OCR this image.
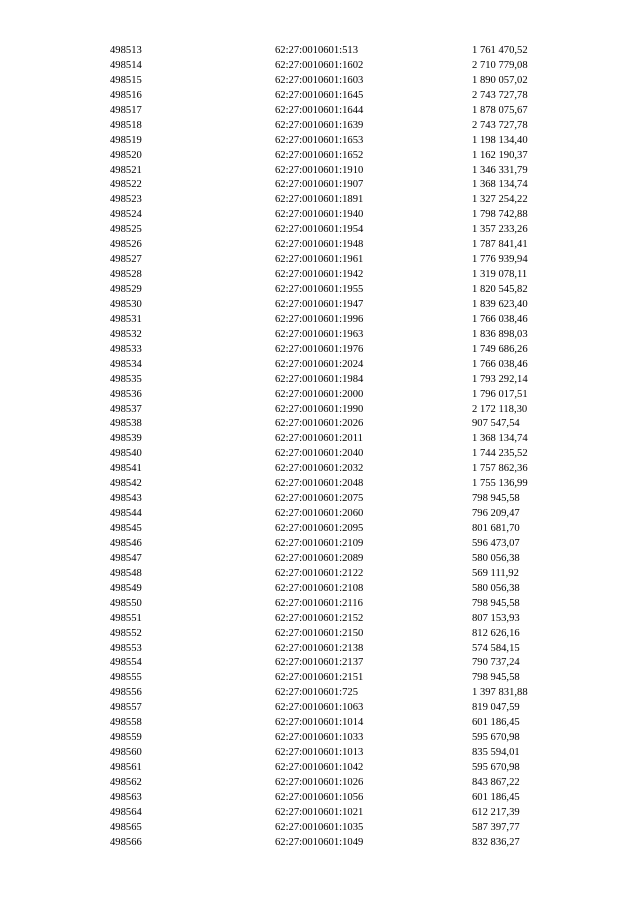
498513	62:27:0010601:513	1 761 470,52
498514	62:27:0010601:1602	2 710 779,08
498515	62:27:0010601:1603	1 890 057,02
498516	62:27:0010601:1645	2 743 727,78
498517	62:27:0010601:1644	1 878 075,67
498518	62:27:0010601:1639	2 743 727,78
498519	62:27:0010601:1653	1 198 134,40
498520	62:27:0010601:1652	1 162 190,37
498521	62:27:0010601:1910	1 346 331,79
498522	62:27:0010601:1907	1 368 134,74
498523	62:27:0010601:1891	1 327 254,22
498524	62:27:0010601:1940	1 798 742,88
498525	62:27:0010601:1954	1 357 233,26
498526	62:27:0010601:1948	1 787 841,41
498527	62:27:0010601:1961	1 776 939,94
498528	62:27:0010601:1942	1 319 078,11
498529	62:27:0010601:1955	1 820 545,82
498530	62:27:0010601:1947	1 839 623,40
498531	62:27:0010601:1996	1 766 038,46
498532	62:27:0010601:1963	1 836 898,03
498533	62:27:0010601:1976	1 749 686,26
498534	62:27:0010601:2024	1 766 038,46
498535	62:27:0010601:1984	1 793 292,14
498536	62:27:0010601:2000	1 796 017,51
498537	62:27:0010601:1990	2 172 118,30
498538	62:27:0010601:2026	907 547,54
498539	62:27:0010601:2011	1 368 134,74
498540	62:27:0010601:2040	1 744 235,52
498541	62:27:0010601:2032	1 757 862,36
498542	62:27:0010601:2048	1 755 136,99
498543	62:27:0010601:2075	798 945,58
498544	62:27:0010601:2060	796 209,47
498545	62:27:0010601:2095	801 681,70
498546	62:27:0010601:2109	596 473,07
498547	62:27:0010601:2089	580 056,38
498548	62:27:0010601:2122	569 111,92
498549	62:27:0010601:2108	580 056,38
498550	62:27:0010601:2116	798 945,58
498551	62:27:0010601:2152	807 153,93
498552	62:27:0010601:2150	812 626,16
498553	62:27:0010601:2138	574 584,15
498554	62:27:0010601:2137	790 737,24
498555	62:27:0010601:2151	798 945,58
498556	62:27:0010601:725	1 397 831,88
498557	62:27:0010601:1063	819 047,59
498558	62:27:0010601:1014	601 186,45
498559	62:27:0010601:1033	595 670,98
498560	62:27:0010601:1013	835 594,01
498561	62:27:0010601:1042	595 670,98
498562	62:27:0010601:1026	843 867,22
498563	62:27:0010601:1056	601 186,45
498564	62:27:0010601:1021	612 217,39
498565	62:27:0010601:1035	587 397,77
498566	62:27:0010601:1049	832 836,27
